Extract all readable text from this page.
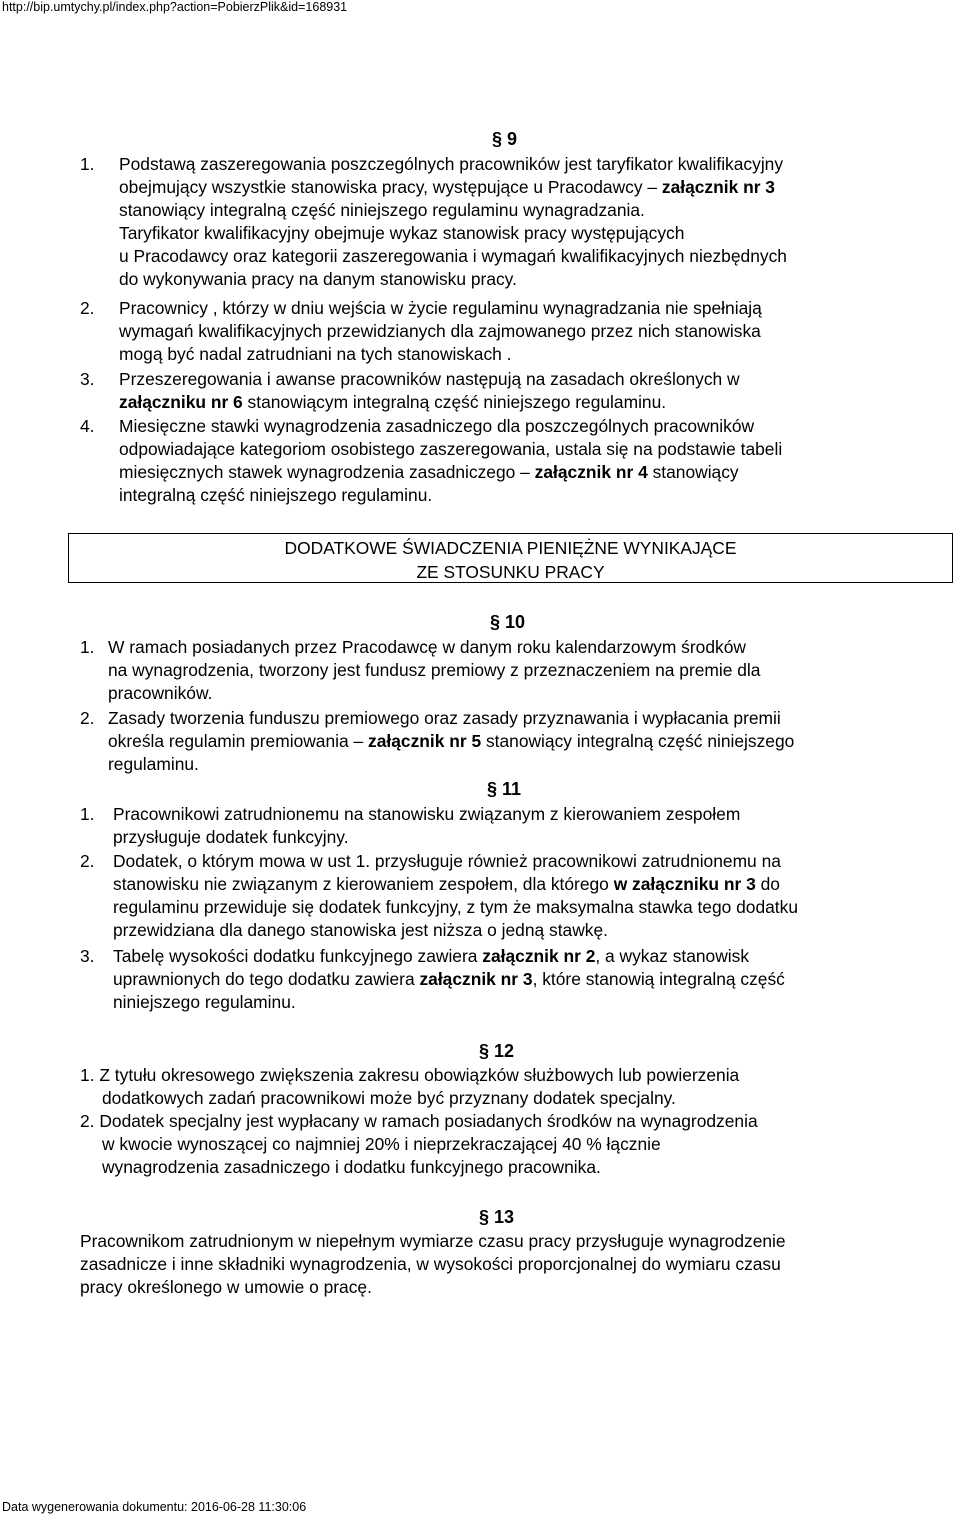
http://bip.umtychy.pl/index.php?action=PobierzPlik&id=168931
§ 9
1. Podstawą zaszeregowania poszczególnych pracowników jest taryfikator kwalifikacyjny
obejmujący wszystkie stanowiska pracy, występujące u Pracodawcy – załącznik nr 3
stanowiący integralną część niniejszego regulaminu wynagradzania.
Taryfikator kwalifikacyjny obejmuje wykaz stanowisk pracy występujących
u Pracodawcy oraz kategorii zaszeregowania i wymagań kwalifikacyjnych niezbędnych
do wykonywania pracy na danym stanowisku pracy.
2. Pracownicy , którzy w dniu wejścia w życie regulaminu wynagradzania nie spełniają
wymagań kwalifikacyjnych przewidzianych dla zajmowanego przez nich stanowiska
mogą być nadal zatrudniani na tych stanowiskach .
3. Przeszeregowania i awanse pracowników następują na zasadach określonych w
załączniku nr 6 stanowiącym integralną część niniejszego regulaminu.
4. Miesięczne stawki wynagrodzenia zasadniczego dla poszczególnych pracowników
odpowiadające kategoriom osobistego zaszeregowania, ustala się na podstawie tabeli
miesięcznych stawek wynagrodzenia zasadniczego – załącznik nr 4 stanowiący
integralną część niniejszego regulaminu.
DODATKOWE ŚWIADCZENIA PIENIĘŻNE WYNIKAJĄCE
ZE STOSUNKU PRACY
§ 10
1. W ramach posiadanych przez Pracodawcę w danym roku kalendarzowym środków
na wynagrodzenia, tworzony jest fundusz premiowy z przeznaczeniem na premie dla
pracowników.
2. Zasady tworzenia funduszu premiowego oraz zasady przyznawania i wypłacania premii
określa regulamin premiowania – załącznik nr 5 stanowiący integralną część niniejszego
regulaminu.
§ 11
1. Pracownikowi zatrudnionemu na stanowisku związanym z kierowaniem zespołem
przysługuje dodatek funkcyjny.
2. Dodatek, o którym mowa w ust 1. przysługuje również pracownikowi zatrudnionemu na
stanowisku nie związanym z kierowaniem zespołem, dla którego w załączniku nr 3 do
regulaminu przewiduje się dodatek funkcyjny, z tym że maksymalna stawka tego dodatku
przewidziana dla danego stanowiska jest niższa o jedną stawkę.
3. Tabelę wysokości dodatku funkcyjnego zawiera załącznik nr 2, a wykaz stanowisk
uprawnionych do tego dodatku zawiera załącznik nr 3, które stanowią integralną część
niniejszego regulaminu.
§ 12
1. Z tytułu okresowego zwiększenia zakresu obowiązków służbowych lub powierzenia
dodatkowych zadań pracownikowi może być przyznany dodatek specjalny.
2. Dodatek specjalny jest wypłacany w ramach posiadanych środków na wynagrodzenia
w kwocie wynoszącej co najmniej 20% i nieprzekraczającej 40 % łącznie
wynagrodzenia zasadniczego i dodatku funkcyjnego pracownika.
§ 13
Pracownikom zatrudnionym w niepełnym wymiarze czasu pracy przysługuje wynagrodzenie
zasadnicze i inne składniki wynagrodzenia, w wysokości proporcjonalnej do wymiaru czasu
pracy określonego w umowie o pracę.
Data wygenerowania dokumentu: 2016-06-28 11:30:06
